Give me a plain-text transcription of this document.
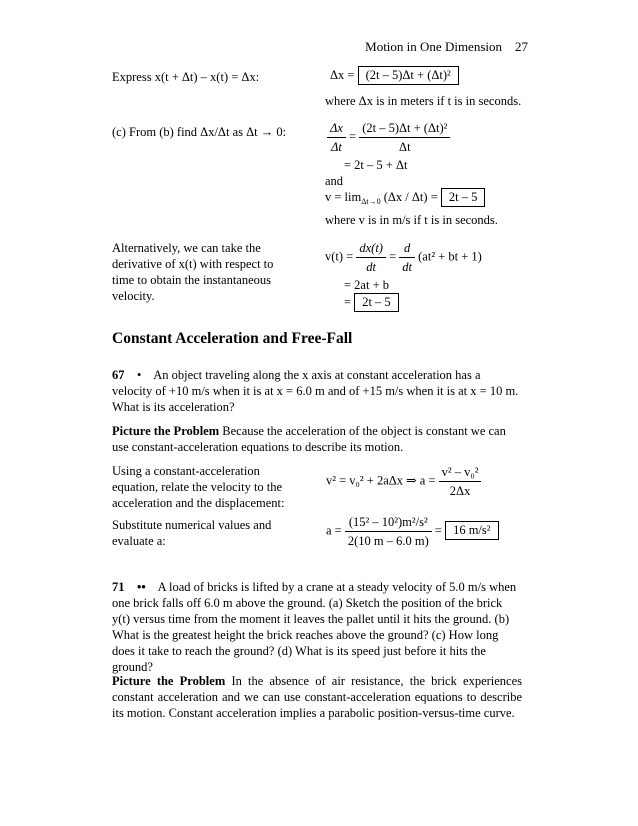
Motion in One Dimension 27
Express x(t + Δt) – x(t) = Δx:	Δx = (2t – 5)Δt + (Δt)²
where Δx is in meters if t is in seconds.
(c) From (b) find Δx/Δt as Δt → 0:	$\frac{\Delta x}{\Delta t} = \frac{\text{(2t – 5)Δt + (Δt)²}}{\Delta t}$
= 2t – 5 + Δt
and
$v = \lim_{\Delta t\to 0} (\Delta x / \Delta t) = 2t - 5$
where v is in m/s if t is in seconds.
Alternatively, we can take the derivative of x(t) with respect to time to obtain the instantaneous velocity.
$v(t) = \frac{dx(t)}{dt} = \frac{d}{dt} (at^2$ + bt + 1)
= 2at + b
= 2t – 5
Constant Acceleration and Free-Fall
67 • An object traveling along the x axis at constant acceleration has a velocity of +10 m/s when it is at x = 6.0 m and of +15 m/s when it is at x = 10 m. What is its acceleration?
Picture the Problem Because the acceleration of the object is constant we can use constant-acceleration equations to describe its motion.
Using a constant-acceleration equation, relate the velocity to the acceleration and the displacement:
v² = v₀² + 2aΔx ⇒ $a = \frac{\text{v² – v₀²}}{2\Delta x}$
Substitute numerical values and evaluate a:
$a = \frac{\text{(15² – 10²)m²/s²}}{2(10 m - 6.0 m)} = 16$ m/s²
71 •• A load of bricks is lifted by a crane at a steady velocity of 5.0 m/s when one brick falls off 6.0 m above the ground. (a) Sketch the position of the brick y(t) versus time from the moment it leaves the pallet until it hits the ground. (b) What is the greatest height the brick reaches above the ground? (c) How long does it take to reach the ground? (d) What is its speed just before it hits the ground?
Picture the Problem In the absence of air resistance, the brick experiences constant acceleration and we can use constant-acceleration equations to describe its motion. Constant acceleration implies a parabolic position-versus-time curve.
